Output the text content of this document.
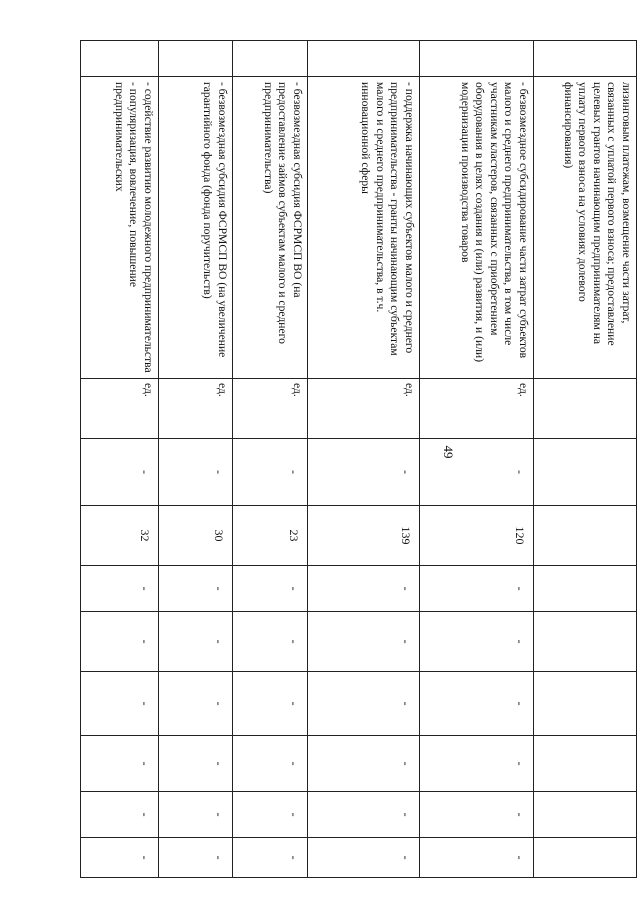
49
лизинговым платежам, возмещение части затрат, связанных с уплатой первого взноса; предоставление целевых грантов начинающим предпринимателям на уплату первого взноса на условиях долевого финансирования)
- безвозмездное субсидирование части затрат субъектов малого и среднего предпринимательства, в том числе участникам кластеров, связанных с приобретением оборудования в целях создания и (или) развития, и (или) модернизации производства товаров
ед.
-
120
-
-
-
-
-
-
- поддержка начинающих субъектов малого и среднего предпринимательства - гранты начинающим субъектам малого и среднего предпринимательства, в т.ч. инновационной сферы
ед.
-
139
-
-
-
-
-
-
- безвозмездная субсидия ФСРМСП ВО (на предоставление займов субъектам малого и среднего предпринимательства)
ед.
-
23
-
-
-
-
-
-
- безвозмездная субсидия ФСРМСП ВО (на увеличение гарантийного фонда (фонда поручительств)
ед.
-
30
-
-
-
-
-
-
- содействие развитию молодежного предпринимательства - популяризация, вовлечение, повышение предпринимательских
ед.
-
32
-
-
-
-
-
-
